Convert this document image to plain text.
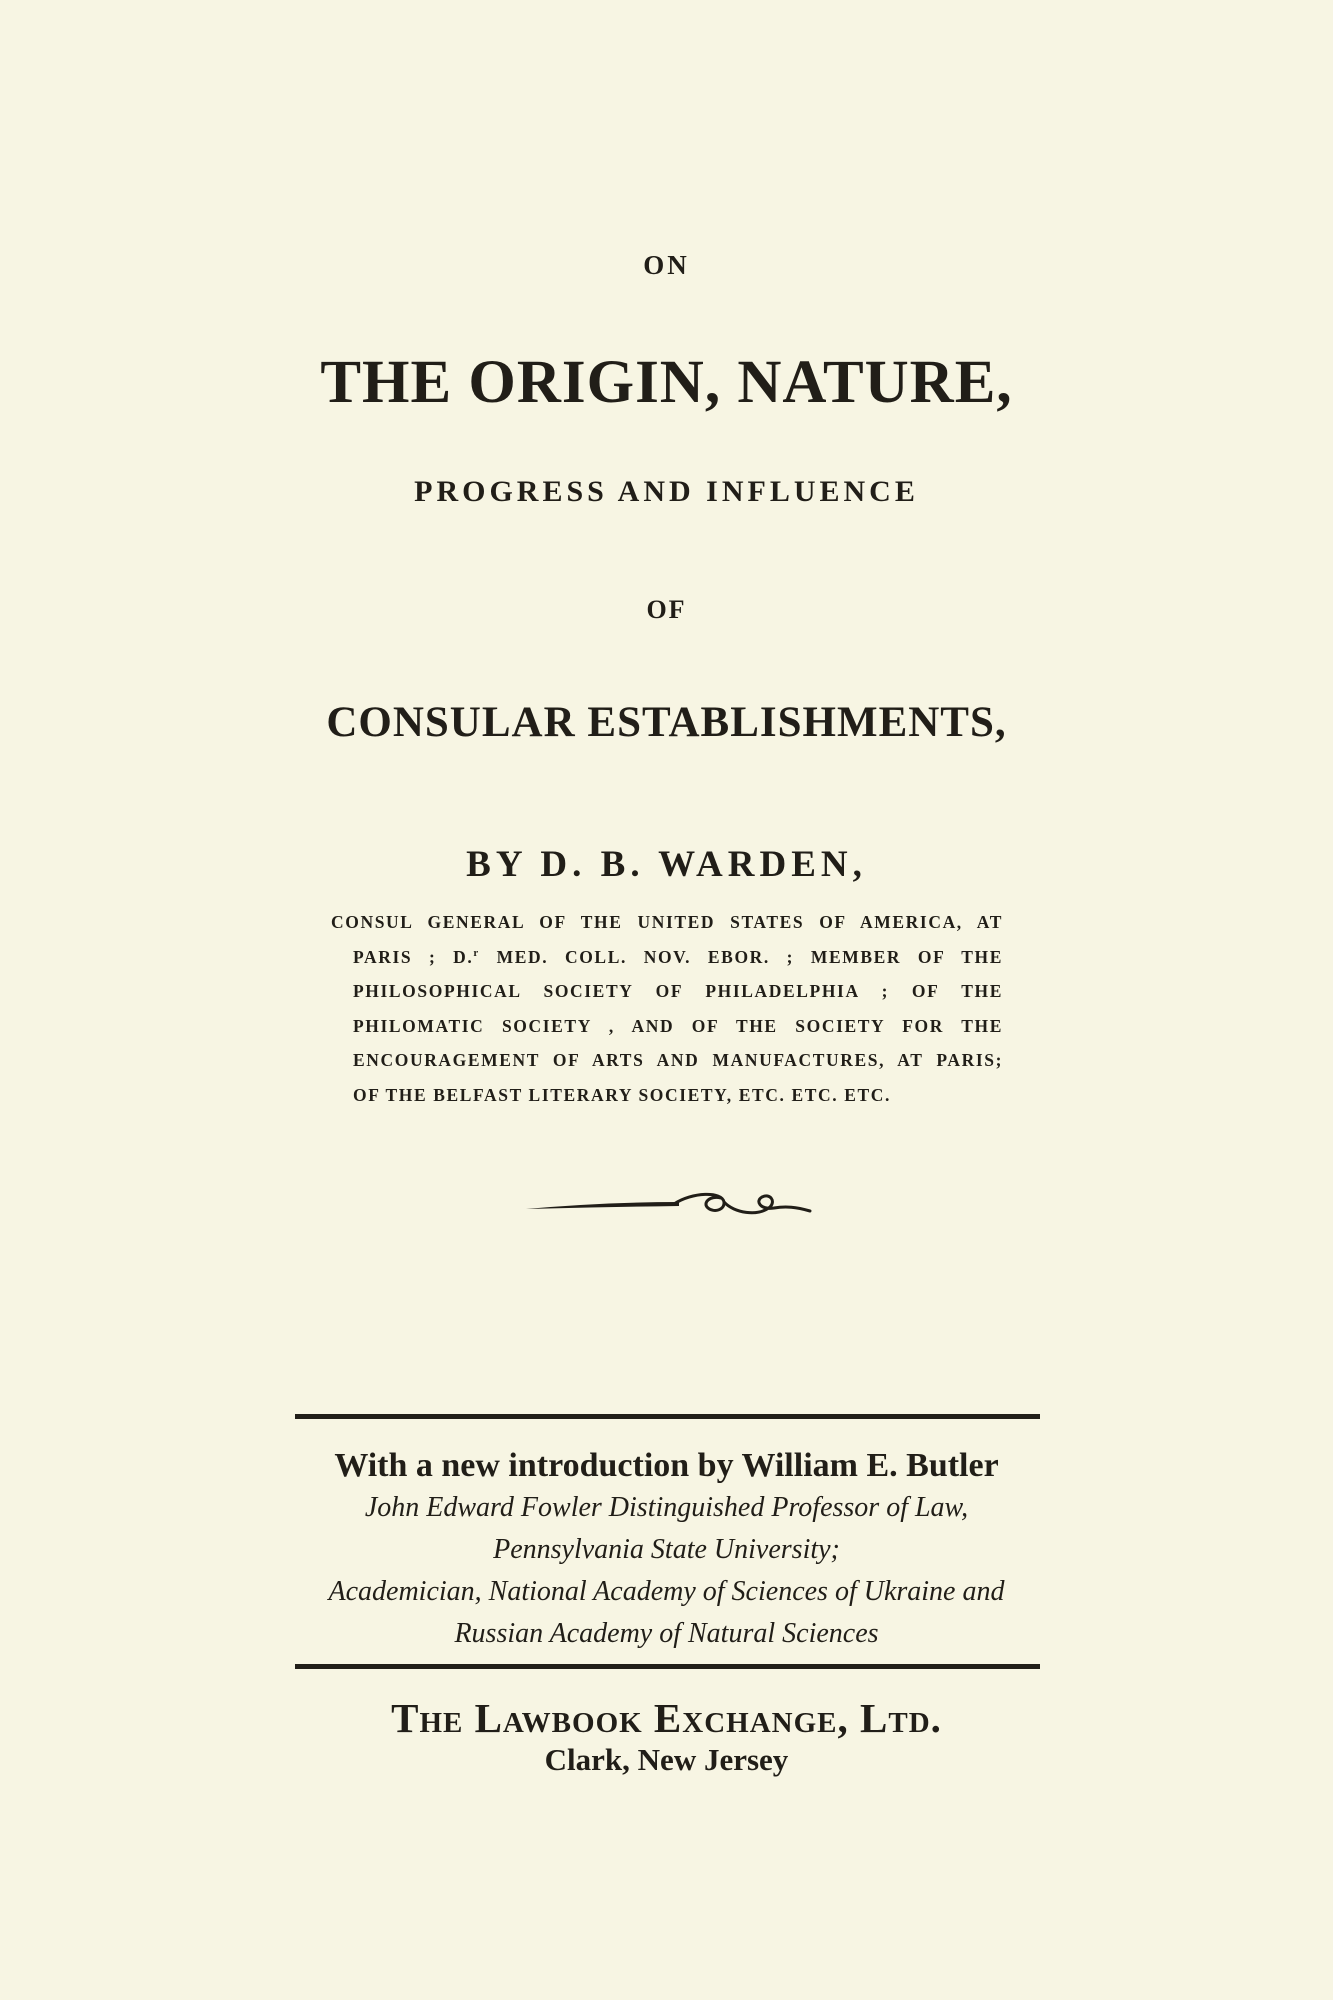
ON
THE ORIGIN, NATURE,
PROGRESS AND INFLUENCE
OF
CONSULAR ESTABLISHMENTS,
BY D. B. WARDEN,
CONSUL GENERAL OF THE UNITED STATES OF AMERICA, AT
PARIS ; D.$^r$ MED. COLL. NOV. EBOR. ; MEMBER OF THE
PHILOSOPHICAL SOCIETY OF PHILADELPHIA ; OF THE
PHILOMATIC SOCIETY , AND OF THE SOCIETY FOR THE
ENCOURAGEMENT OF ARTS AND MANUFACTURES, AT PARIS;
OF THE BELFAST LITERARY SOCIETY, ETC. ETC. ETC.
With a new introduction by William E. Butler
John Edward Fowler Distinguished Professor of Law,
Pennsylvania State University;
Academician, National Academy of Sciences of Ukraine and
Russian Academy of Natural Sciences
The Lawbook Exchange, Ltd.
Clark, New Jersey
